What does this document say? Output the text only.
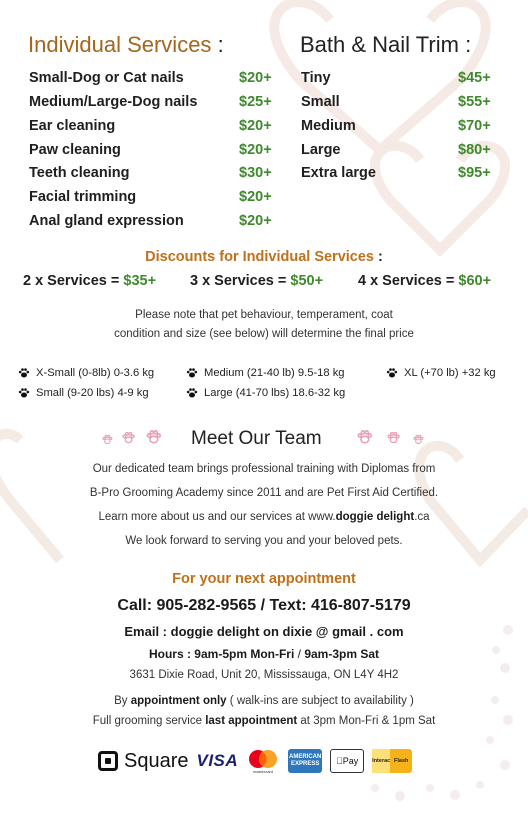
Individual Services :	Bath & Nail Trim :
Small-Dog or Cat nails	$20+
Medium/Large-Dog nails	$25+
Ear cleaning	$20+
Paw cleaning	$20+
Teeth cleaning	$30+
Facial trimming	$20+
Anal gland expression	$20+
Tiny	$45+
Small	$55+
Medium	$70+
Large	$80+
Extra large	$95+
Discounts for Individual Services :
2 x Services = $35+ 3 x Services = $50+ 4 x Services = $60+
Please note that pet behaviour, temperament, coat
condition and size (see below) will determine the final price
X-Small (0-8lb) 0-3.6 kg	Medium (21-40 lb) 9.5-18 kg	XL (+70 lb) +32 kg
Small (9-20 lbs) 4-9 kg	Large (41-70 lbs) 18.6-32 kg
Meet Our Team
Our dedicated team brings professional training with Diplomas from
B-Pro Grooming Academy since 2011 and are Pet First Aid Certified.
Learn more about us and our services at www.doggie delight.ca
We look forward to serving you and your beloved pets.
For your next appointment
Call: 905-282-9565 / Text: 416-807-5179
Email : doggie delight on dixie @ gmail . com
Hours : 9am-5pm Mon-Fri / 9am-3pm Sat
3631 Dixie Road, Unit 20, Mississauga, ON L4Y 4H2
By appointment only ( walk-ins are subject to availability )
Full grooming service last appointment at 3pm Mon-Fri & 1pm Sat
Square VISA
mastercard
AMERICAN EXPRESS	Pay	Interac Flash
